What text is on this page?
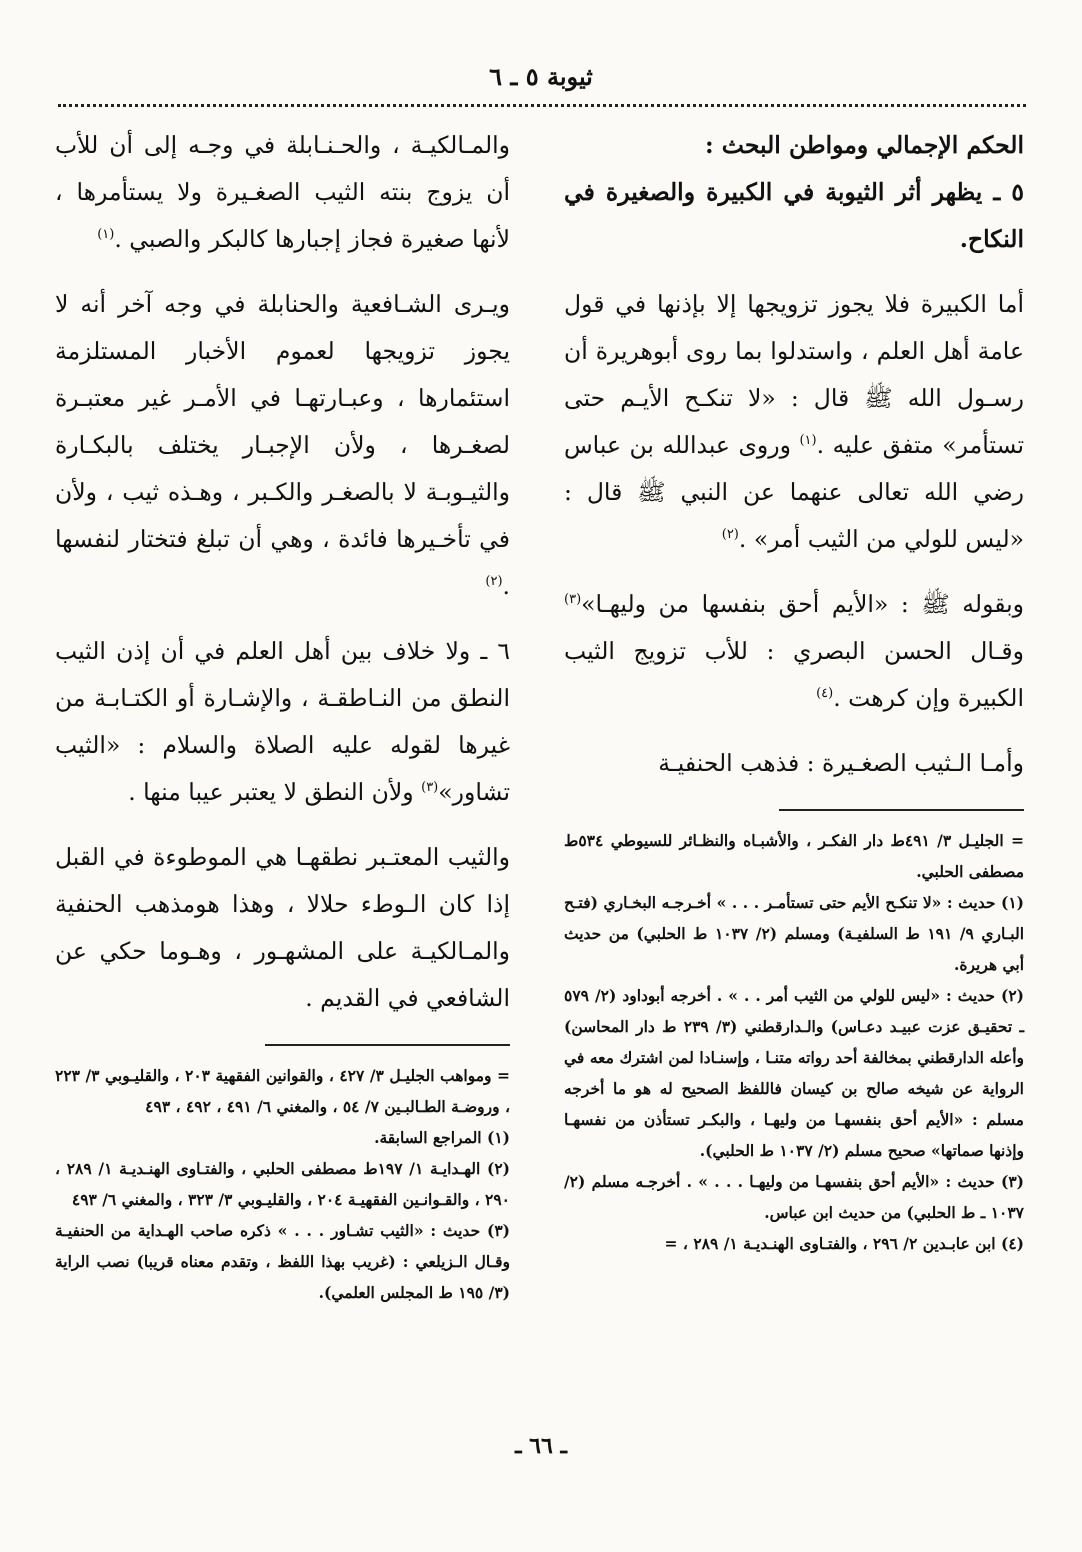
ثيوبة ٥ ـ ٦

الحكم الإجمالي ومواطن البحث :

٥ ـ يظهر أثر الثيوبة في الكبيرة والصغيرة في النكاح.

أما الكبيرة فلا يجوز تزويجها إلا بإذنها في قول عامة أهل العلم ، واستدلوا بما روى أبوهريرة أن رسـول الله ﷺ قال : «لا تنكـح الأيـم حتى تستأمر» متفق عليه .$^{(١)}$ وروى عبدالله بن عباس رضي الله تعالى عنهما عن النبي ﷺ قال : «ليس للولي من الثيب أمر» .$^{(٢)}$

وبقوله ﷺ : «الأيم أحق بنفسها من وليهـا»$^{(٣)}$ وقـال الحسن البصري : للأب تزويج الثيب الكبيرة وإن كرهت .$^{(٤)}$

وأمـا الـثيب الصغـيرة : فذهب الحنفيـة

= الجليـل ٣/ ٤٩١ط دار الفكـر ، والأشبـاه والنظـائر للسيوطي ٥٣٤ط مصطفى الحلبي.
(١) حديث : «لا تنكـح الأيم حتى تستأمـر . . . » أخـرجـه البخـاري (فتـح البـاري ٩/ ١٩١ ط السلفيـة) ومسلم (٢/ ١٠٣٧ ط الحلبي) من حديث أبي هريرة.
(٢) حديث : «ليس للولي من الثيب أمر . . » . أخرجه أبوداود (٢/ ٥٧٩ ـ تحقيـق عزت عبيـد دعـاس) والـدارقطني (٣/ ٢٣٩ ط دار المحاسن) وأعله الدارقطني بمخالفة أحد رواته متنـا ، وإسنـادا لمن اشترك معه في الرواية عن شيخه صالح بن كيسان فاللفظ الصحيح له هو ما أخرجه مسلم : «الأيم أحق بنفسهـا من وليهـا ، والبكـر تستأذن من نفسهـا وإذنها صماتها» صحيح مسلم (٢/ ١٠٣٧ ط الحلبي).
(٣) حديث : «الأيم أحق بنفسهـا من وليهـا . . . » . أخرجـه مسلم (٢/ ١٠٣٧ ـ ط الحلبي) من حديث ابن عباس.
(٤) ابن عابـدين ٢/ ٢٩٦ ، والفتـاوى الهنـديـة ١/ ٢٨٩ ، =

والمـالكيـة ، والحـنـابلة في وجـه إلى أن للأب أن يزوج بنته الثيب الصغـيرة ولا يستأمرها ، لأنها صغيرة فجاز إجبارها كالبكر والصبي .$^{(١)}$

ويـرى الشـافعية والحنابلة في وجه آخر أنه لا يجوز تزويجها لعموم الأخبار المستلزمة استئمارها ، وعبـارتهـا في الأمـر غير معتبـرة لصغـرها ، ولأن الإجبـار يختلف بالبكـارة والثيـوبـة لا بالصغـر والكـبر ، وهـذه ثيب ، ولأن في تأخـيرها فائدة ، وهي أن تبلغ فتختار لنفسها .$^{(٢)}$

٦ ـ ولا خلاف بين أهل العلم في أن إذن الثيب النطق من النـاطقـة ، والإشـارة أو الكتـابـة من غيرها لقوله عليه الصلاة والسلام : «الثيب تشاور»$^{(٣)}$ ولأن النطق لا يعتبر عيبا منها .

والثيب المعتـبر نطقهـا هي الموطوءة في القبل إذا كان الـوطء حلالا ، وهذا هومذهب الحنفية والمـالكيـة على المشهـور ، وهـوما حكي عن الشافعي في القديم .

= ومواهب الجليـل ٣/ ٤٢٧ ، والقوانين الفقهية ٢٠٣ ، والقليـوبي ٣/ ٢٢٣ ، وروضـة الطـالبـين ٧/ ٥٤ ، والمغني ٦/ ٤٩١ ، ٤٩٢ ، ٤٩٣
(١) المراجع السابقة.
(٢) الهـدايـة ١/ ١٩٧ط مصطفى الحلبي ، والفتـاوى الهنـديـة ١/ ٢٨٩ ، ٢٩٠ ، والقـوانـين الفقهيـة ٢٠٤ ، والقليـوبي ٣/ ٣٢٣ ، والمغني ٦/ ٤٩٣
(٣) حديث : «الثيب تشـاور . . . » ذكره صاحب الهـداية من الحنفيـة وقـال الـزيلعي : (غريب بهذا اللفظ ، وتقدم معناه قريبا) نصب الراية (٣/ ١٩٥ ط المجلس العلمي).
ـ ٦٦ ـ
